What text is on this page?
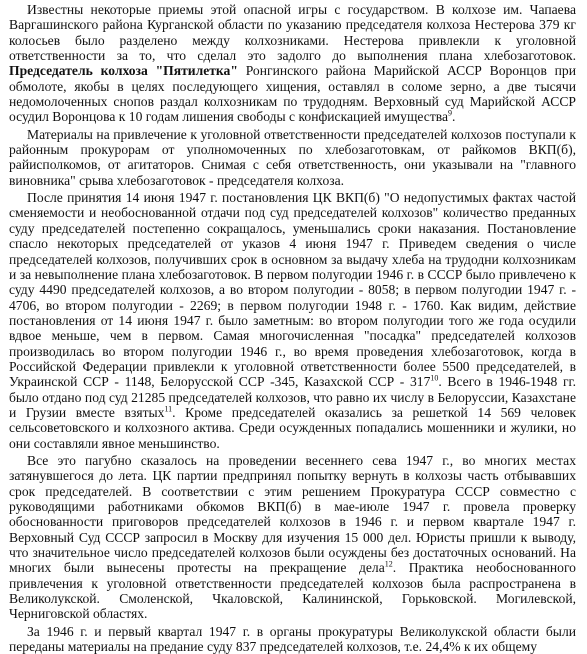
Известны некоторые приемы этой опасной игры с государством. В колхозе им. Чапаева Варгашинского района Курганской области по указанию председателя колхоза Нестерова 379 кг колосьев было разделено между колхозниками. Нестерова привлекли к уголовной ответственности за то, что сделал это задолго до выполнения плана хлебозаготовок. Председатель колхоза "Пятилетка" Ронгинского района Марийской АССР Воронцов при обмолоте, якобы в целях последующего хищения, оставлял в соломе зерно, а две тысячи недомолоченных снопов раздал колхозникам по трудодням. Верховный суд Марийской АССР осудил Воронцова к 10 годам лишения свободы с конфискацией имущества$^9$.

Материалы на привлечение к уголовной ответственности председателей колхозов поступали к районным прокурорам от уполномоченных по хлебозаготовкам, от райкомов ВКП(б), райисполкомов, от агитаторов. Снимая с себя ответственность, они указывали на "главного виновника" срыва хлебозаготовок - председателя колхоза.

После принятия 14 июня 1947 г. постановления ЦК ВКП(б) "О недопустимых фактах частой сменяемости и необоснованной отдачи под суд председателей колхозов" количество преданных суду председателей постепенно сокращалось, уменьшались сроки наказания. Постановление спасло некоторых председателей от указов 4 июня 1947 г. Приведем сведения о числе председателей колхозов, получивших срок в основном за выдачу хлеба на трудодни колхозникам и за невыполнение плана хлебозаготовок. В первом полугодии 1946 г. в СССР было привлечено к суду 4490 председателей колхозов, а во втором полугодии - 8058; в первом полугодии 1947 г. - 4706, во втором полугодии - 2269; в первом полугодии 1948 г. - 1760. Как видим, действие постановления от 14 июня 1947 г. было заметным: во втором полугодии того же года осудили вдвое меньше, чем в первом. Самая многочисленная "посадка" председателей колхозов производилась во втором полугодии 1946 г., во время проведения хлебозаготовок, когда в Российской Федерации привлекли к уголовной ответственности более 5500 председателей, в Украинской ССР - 1148, Белорусской ССР -345, Казахской ССР - $317^{10}$. Всего в 1946-1948 гг. было отдано под суд 21285 председателей колхозов, что равно их числу в Белоруссии, Казахстане и Грузии вместе взятых$^{11}$. Кроме председателей оказались за решеткой 14 569 человек сельсоветовского и колхозного актива. Среди осужденных попадались мошенники и жулики, но они составляли явное меньшинство.

Все это пагубно сказалось на проведении весеннего сева 1947 г., во многих местах затянувшегося до лета. ЦК партии предпринял попытку вернуть в колхозы часть отбывавших срок председателей. В соответствии с этим решением Прокуратура СССР совместно с руководящими работниками обкомов ВКП(б) в мае-июле 1947 г. провела проверку обоснованности приговоров председателей колхозов в 1946 г. и первом квартале 1947 г. Верховный Суд СССР запросил в Москву для изучения 15 000 дел. Юристы пришли к выводу, что значительное число председателей колхозов были осуждены без достаточных оснований. На многих были вынесены протесты на прекращение дела$^{12}$. Практика необоснованного привлечения к уголовной ответственности председателей колхозов была распространена в Великолукской. Смоленской, Чкаловской, Калининской, Горьковской. Могилевской, Черниговской областях.

За 1946 г. и первый квартал 1947 г. в органы прокуратуры Великолукской области были переданы материалы на предание суду 837 председателей колхозов, т.е. 24,4% к их общему
